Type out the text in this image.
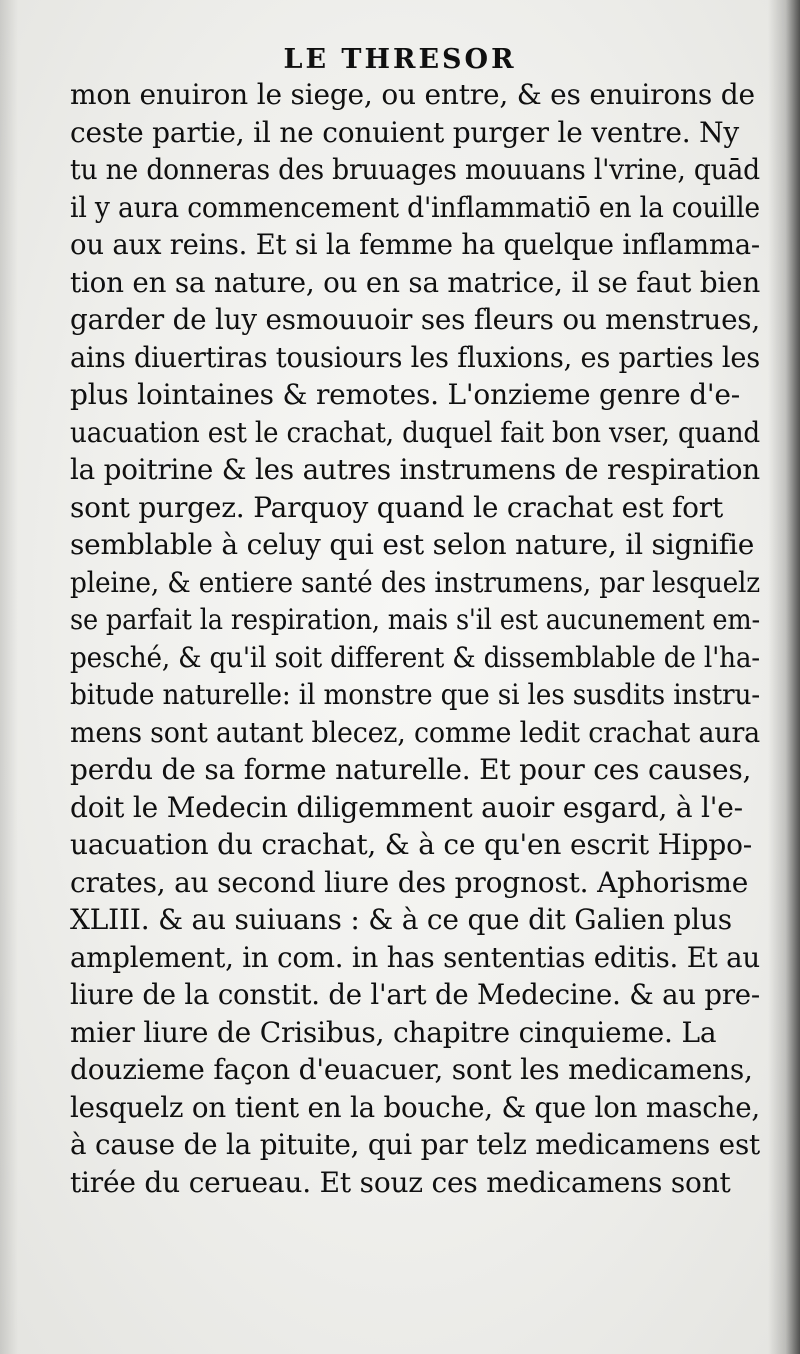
LE THRESOR
mon enuiron le siege, ou entre, & es enuirons de
ceste partie, il ne conuient purger le ventre. Ny
tu ne donneras des bruuages mouuans l'vrine, quād
il y aura commencement d'inflammatiō en la couille
ou aux reins. Et si la femme ha quelque inflamma-
tion en sa nature, ou en sa matrice, il se faut bien
garder de luy esmouuoir ses fleurs ou menstrues,
ains diuertiras tousiours les fluxions, es parties les
plus lointaines & remotes. L'onzieme genre d'e-
uacuation est le crachat, duquel fait bon vser, quand
la poitrine & les autres instrumens de respiration
sont purgez. Parquoy quand le crachat est fort
semblable à celuy qui est selon nature, il signifie
pleine, & entiere santé des instrumens, par lesquelz
se parfait la respiration, mais s'il est aucunement em-
pesché, & qu'il soit different & dissemblable de l'ha-
bitude naturelle: il monstre que si les susdits instru-
mens sont autant blecez, comme ledit crachat aura
perdu de sa forme naturelle. Et pour ces causes,
doit le Medecin diligemment auoir esgard, à l'e-
uacuation du crachat, & à ce qu'en escrit Hippo-
crates, au second liure des prognost. Aphorisme
XLIII. & au suiuans : & à ce que dit Galien plus
amplement, in com. in has sententias editis. Et au
liure de la constit. de l'art de Medecine. & au pre-
mier liure de Crisibus, chapitre cinquieme. La
douzieme façon d'euacuer, sont les medicamens,
lesquelz on tient en la bouche, & que lon masche,
à cause de la pituite, qui par telz medicamens est
tirée du cerueau. Et souz ces medicamens sont
